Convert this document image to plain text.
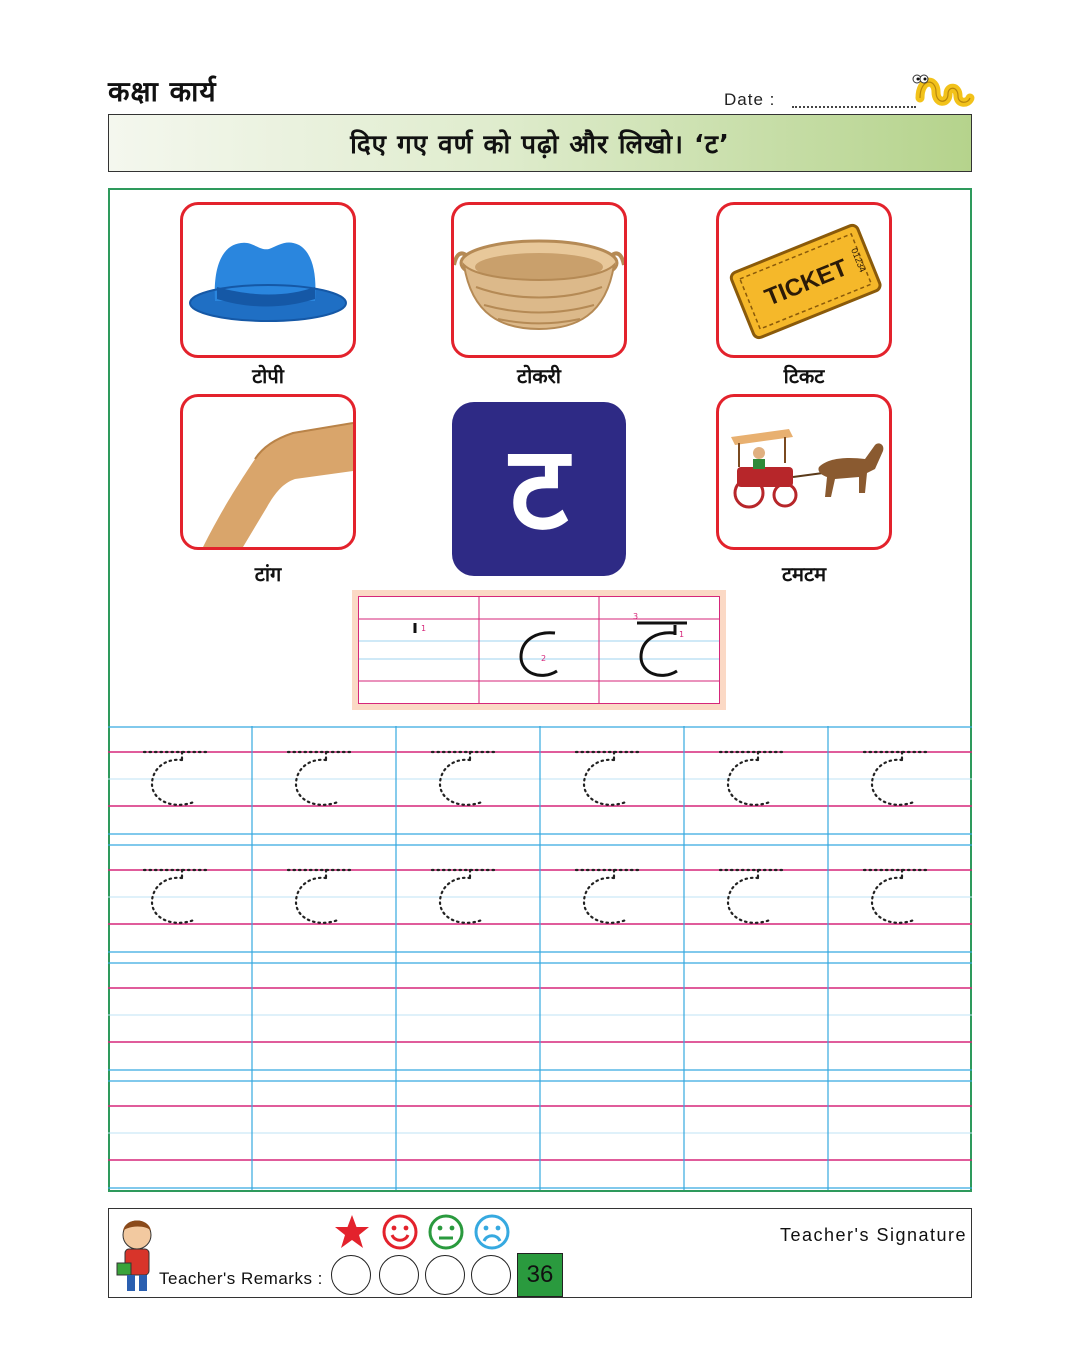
कक्षा कार्य	Date :
दिए गए वर्ण को पढ़ो और लिखो। ‘ट’
टोपी	टोकरी
TICKET
01234
टिकट
टांग
ट
टमटम
1
2
3
1
Teacher's Remarks :	36
Teacher's Signature
